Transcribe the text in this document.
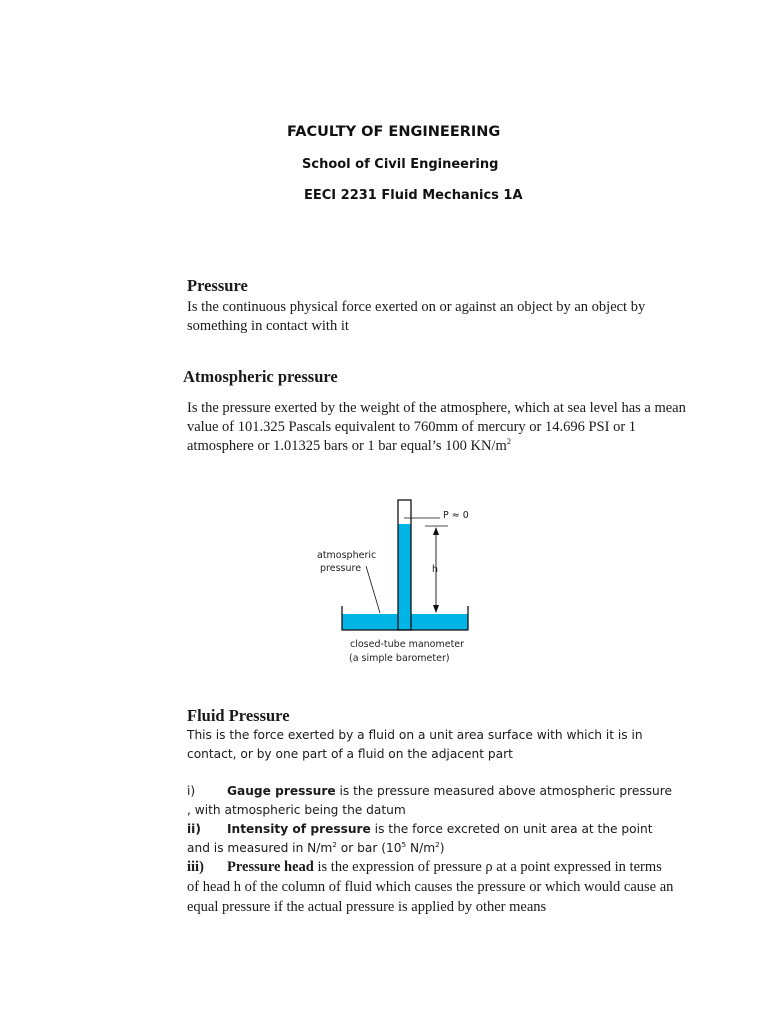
FACULTY OF ENGINEERING
School of Civil Engineering
EECI 2231 Fluid Mechanics 1A
Pressure
Is the continuous physical force exerted on or against an object by an object by something in contact with it
Atmospheric pressure
Is the pressure exerted by the weight of the atmosphere, which at sea level has a mean value of 101.325 Pascals equivalent to 760mm of mercury or 14.696 PSI or 1 atmosphere or 1.01325 bars or 1 bar equal’s 100 $KN/m^2$
P ≈ 0
h
atmospheric
pressure
closed-tube manometer
(a simple barometer)
Fluid Pressure
This is the force exerted by a fluid on a unit area surface with which it is in contact, or by one part of a fluid on the adjacent part
i)	Gauge pressure is the pressure measured above atmospheric pressure , with atmospheric being the datum
ii) Intensity of pressure is the force excreted on unit area at the point and is measured in $N/m^2$ or bar ($10^5$ $N/m^2$)
iii) Pressure head is the expression of pressure ρ at a point expressed in terms of head h of the column of fluid which causes the pressure or which would cause an equal pressure if the actual pressure is applied by other means
